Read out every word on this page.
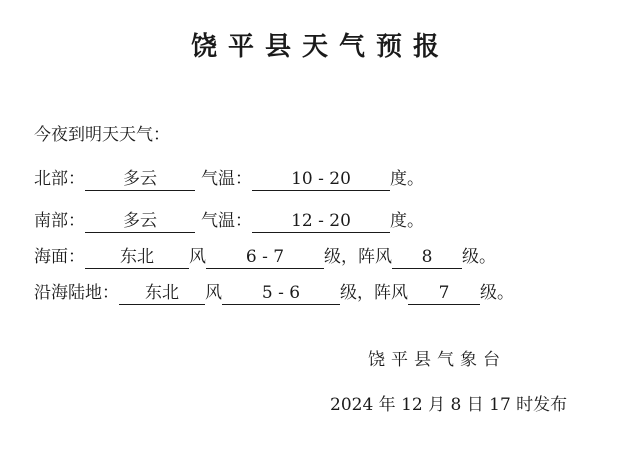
饶平县天气预报
今夜到明天天气：
北部：	多云	气温：	10 - 20	度。
南部：	多云	气温：	12 - 20	度。
海面：	东北	风	6 - 7	级，阵风	8	级。
沿海陆地：	东北	风	5 - 6	级，阵风	7	级。
饶平县气象台
2024 年 12 月 8 日 17 时发布
